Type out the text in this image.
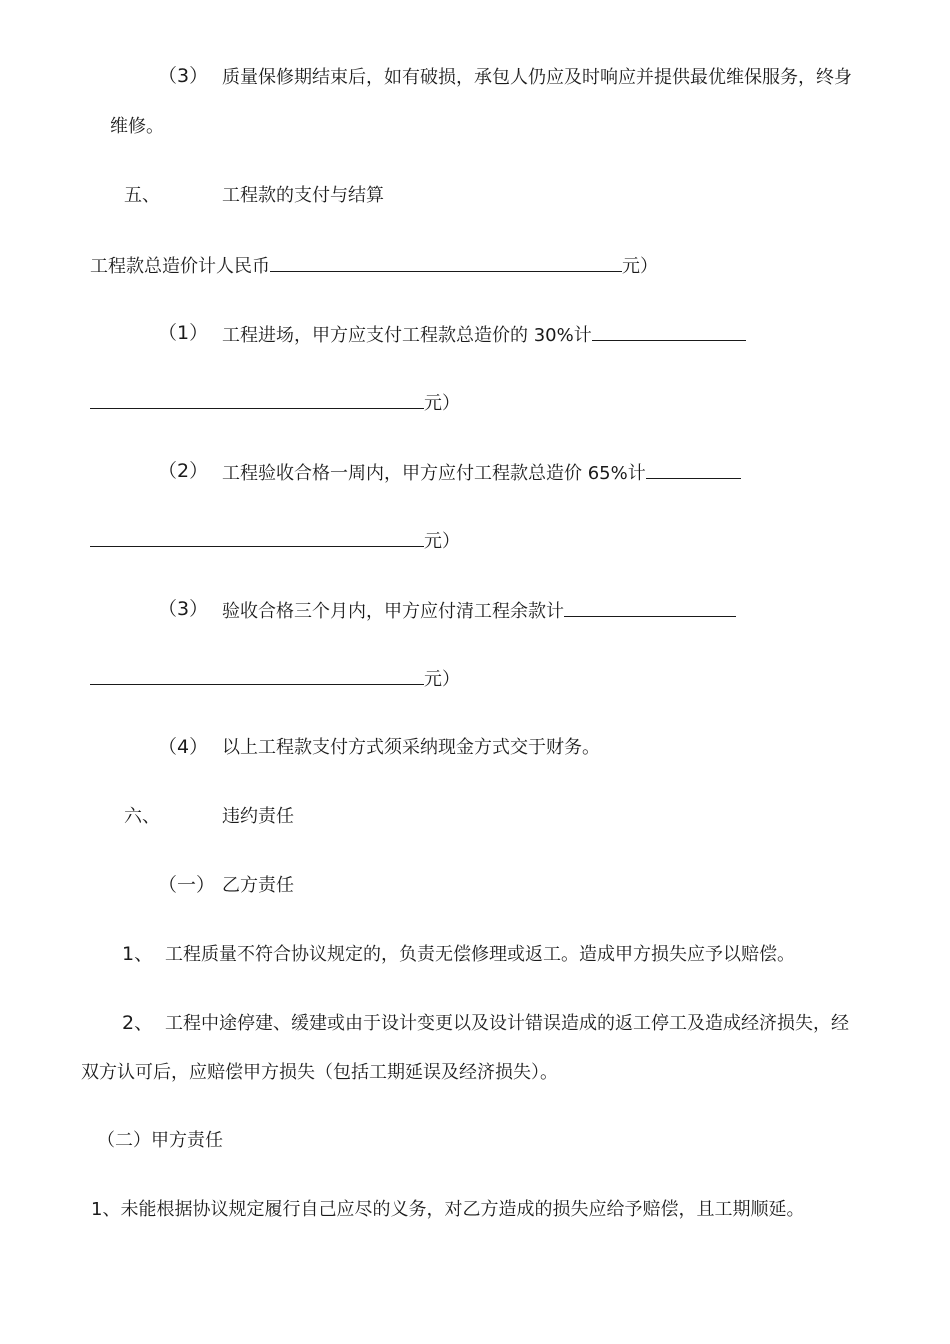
（3） 质量保修期结束后，如有破损，承包人仍应及时响应并提供最优维保服务，终身
维修。
五、	工程款的支付与结算
工程款总造价计人民币	元）
（1） 工程进场，甲方应支付工程款总造价的 30%计
元）
（2） 工程验收合格一周内，甲方应付工程款总造价 65%计
元）
（3） 验收合格三个月内，甲方应付清工程余款计
元）
（4） 以上工程款支付方式须采纳现金方式交于财务。
六、	违约责任
（一） 乙方责任
1、 工程质量不符合协议规定的，负责无偿修理或返工。造成甲方损失应予以赔偿。
2、 工程中途停建、缓建或由于设计变更以及设计错误造成的返工停工及造成经济损失，经
双方认可后，应赔偿甲方损失（包括工期延误及经济损失）。
（二）甲方责任
1、未能根据协议规定履行自己应尽的义务，对乙方造成的损失应给予赔偿，且工期顺延。
